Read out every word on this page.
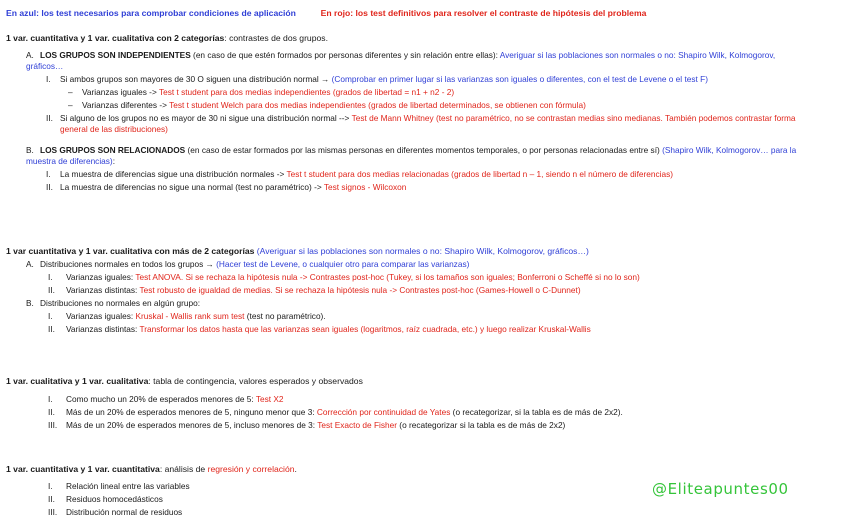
En azul: los test necesarios para comprobar condiciones de aplicación	En rojo: los test definitivos para resolver el contraste de hipótesis del problema

1 var. cuantitativa y 1 var. cualitativa con 2 categorías: contrastes de dos grupos.

A. LOS GRUPOS SON INDEPENDIENTES (en caso de que estén formados por personas diferentes y sin relación entre ellas): Averiguar si las poblaciones son normales o no: Shapiro Wilk, Kolmogorov, gráficos…
I. Si ambos grupos son mayores de 30 O siguen una distribución normal → (Comprobar en primer lugar si las varianzas son iguales o diferentes, con el test de Levene o el test F)
– Varianzas iguales -> Test t student para dos medias independientes (grados de libertad = n1 + n2 - 2)
– Varianzas diferentes -> Test t student Welch para dos medias independientes (grados de libertad determinados, se obtienen con fórmula)
II. Si alguno de los grupos no es mayor de 30 ni sigue una distribución normal --> Test de Mann Whitney (test no paramétrico, no se contrastan medias sino medianas. También podemos contrastar forma general de las distribuciones)
B. LOS GRUPOS SON RELACIONADOS (en caso de estar formados por las mismas personas en diferentes momentos temporales, o por personas relacionadas entre sí) (Shapiro Wilk, Kolmogorov… para la muestra de diferencias):
I. La muestra de diferencias sigue una distribución normales -> Test t student para dos medias relacionadas (grados de libertad n – 1, siendo n el número de diferencias)
II. La muestra de diferencias no sigue una normal (test no paramétrico) -> Test signos - Wilcoxon

1 var cuantitativa y 1 var. cualitativa con más de 2 categorías (Averiguar si las poblaciones son normales o no: Shapiro Wilk, Kolmogorov, gráficos…)

A. Distribuciones normales en todos los grupos → (Hacer test de Levene, o cualquier otro para comparar las varianzas)
I. Varianzas iguales: Test ANOVA. Si se rechaza la hipótesis nula -> Contrastes post-hoc (Tukey, si los tamaños son iguales; Bonferroni o Scheffé si no lo son)
II. Varianzas distintas: Test robusto de igualdad de medias. Si se rechaza la hipótesis nula -> Contrastes post-hoc (Games-Howell o C-Dunnet)
B. Distribuciones no normales en algún grupo:
I. Varianzas iguales: Kruskal - Wallis rank sum test (test no paramétrico).
II. Varianzas distintas: Transformar los datos hasta que las varianzas sean iguales (logaritmos, raíz cuadrada, etc.) y luego realizar Kruskal-Wallis

1 var. cualitativa y 1 var. cualitativa: tabla de contingencia, valores esperados y observados

I. Como mucho un 20% de esperados menores de 5: Test X2
II. Más de un 20% de esperados menores de 5, ninguno menor que 3: Corrección por continuidad de Yates (o recategorizar, si la tabla es de más de 2x2).
III. Más de un 20% de esperados menores de 5, incluso menores de 3: Test Exacto de Fisher (o recategorizar si la tabla es de más de 2x2)

1 var. cuantitativa y 1 var. cuantitativa: análisis de regresión y correlación.

I. Relación lineal entre las variables
II. Residuos homocedásticos
III. Distribución normal de residuos
@Eliteapuntes00
